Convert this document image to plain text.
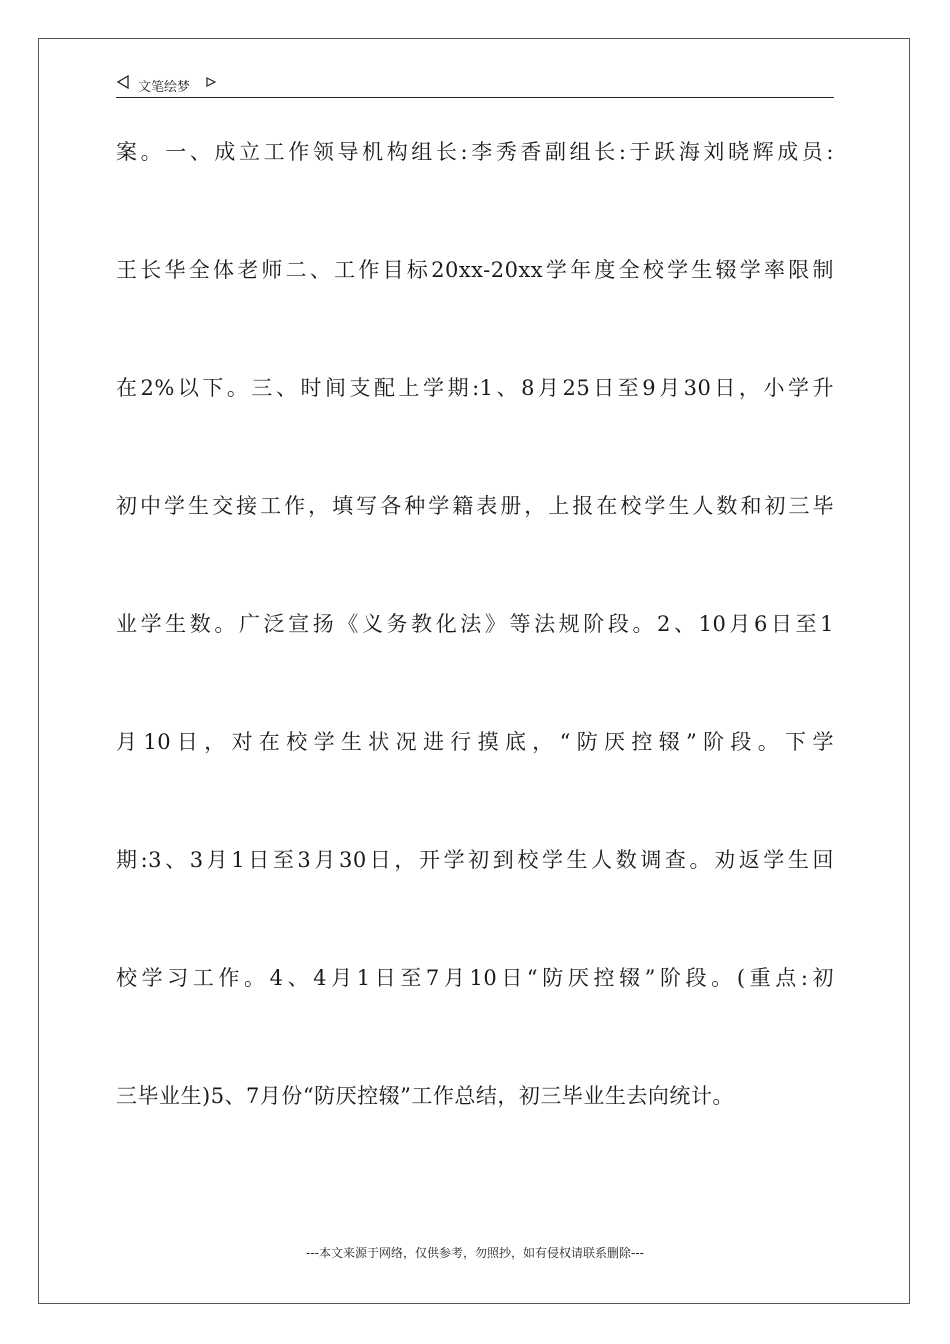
文笔绘梦
案。一、成立工作领导机构组长:李秀香副组长:于跃海刘晓辉成员:
王长华全体老师二、工作目标20xx-20xx学年度全校学生辍学率限制
在2%以下。三、时间支配上学期:1、8月25日至9月30日，小学升
初中学生交接工作，填写各种学籍表册，上报在校学生人数和初三毕
业学生数。广泛宣扬《义务教化法》等法规阶段。2、10月6日至1
月10日，对在校学生状况进行摸底，“防厌控辍”阶段。下学
期:3、3月1日至3月30日，开学初到校学生人数调查。劝返学生回
校学习工作。4、4月1日至7月10日“防厌控辍”阶段。(重点:初
三毕业生)5、7月份“防厌控辍”工作总结，初三毕业生去向统计。
---本文来源于网络，仅供参考，勿照抄，如有侵权请联系删除---
